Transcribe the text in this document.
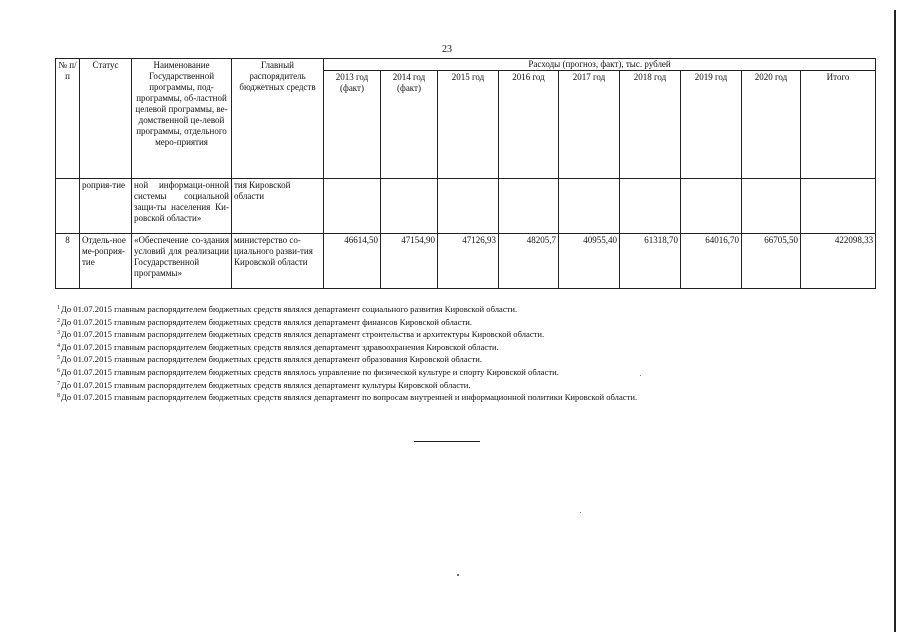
23
№ п/п	Статус	Наименование Государственной программы, под-программы, об-ластной целевой программы, ве-домственной це-левой программы, отдельного меро-приятия	Главный распорядитель бюджетных средств	Расходы (прогноз, факт), тыс. рублей								
				2013 год (факт)	2014 год (факт)	2015 год	2016 год	2017 год	2018 год	2019 год	2020 год	Итого
	роприя-тие	ной информаци-онной системы социальной защи-ты населения Ки-ровской области»	тия Кировской области									
8	Отдель-ное ме-роприя-тие	«Обеспечение со-здания условий для реализации Государственной программы»	министерство со-циального разви-тия Кировской области	46614,50	47154,90	47126,93	48205,7	40955,40	61318,70	64016,70	66705,50	422098,33
$^1$До 01.07.2015 главным распорядителем бюджетных средств являлся департамент социального развития Кировской области.
$^2$До 01.07.2015 главным распорядителем бюджетных средств являлся департамент финансов Кировской области.
$^3$До 01.07.2015 главным распорядителем бюджетных средств являлся департамент строительства и архитектуры Кировской области.
$^4$До 01.07.2015 главным распорядителем бюджетных средств являлся департамент здравоохранения Кировской области.
$^5$До 01.07.2015 главным распорядителем бюджетных средств являлся департамент образования Кировской области.
$^6$До 01.07.2015 главным распорядителем бюджетных средств являлось управление по физической культуре и спорту Кировской области.
$^7$До 01.07.2015 главным распорядителем бюджетных средств являлся департамент культуры Кировской области.
$^8$До 01.07.2015 главным распорядителем бюджетных средств являлся департамент по вопросам внутренней и информационной политики Кировской области.
